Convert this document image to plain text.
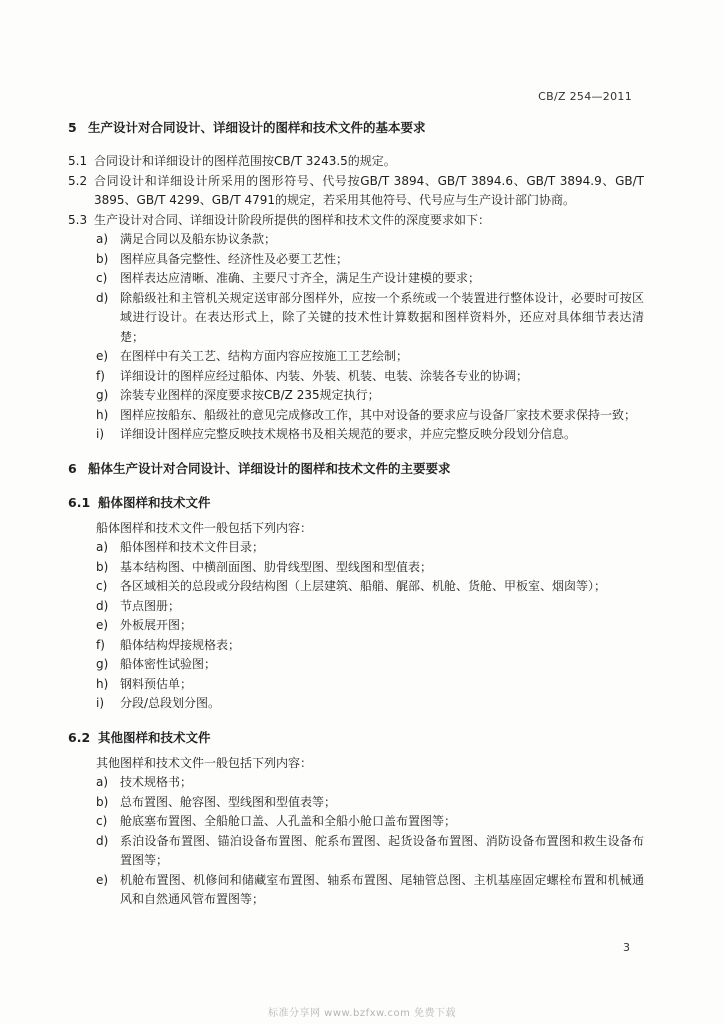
CB/Z 254—2011
5 生产设计对合同设计、详细设计的图样和技术文件的基本要求
5.1 合同设计和详细设计的图样范围按CB/T 3243.5的规定。
5.2 合同设计和详细设计所采用的图形符号、代号按GB/T 3894、GB/T 3894.6、GB/T 3894.9、GB/T 3895、GB/T 4299、GB/T 4791的规定，若采用其他符号、代号应与生产设计部门协商。
5.3 生产设计对合同、详细设计阶段所提供的图样和技术文件的深度要求如下：
a) 满足合同以及船东协议条款；
b) 图样应具备完整性、经济性及必要工艺性；
c) 图样表达应清晰、准确、主要尺寸齐全，满足生产设计建模的要求；
d) 除船级社和主管机关规定送审部分图样外，应按一个系统或一个装置进行整体设计，必要时可按区域进行设计。在表达形式上，除了关键的技术性计算数据和图样资料外，还应对具体细节表达清楚；
e) 在图样中有关工艺、结构方面内容应按施工工艺绘制；
f) 详细设计的图样应经过船体、内装、外装、机装、电装、涂装各专业的协调；
g) 涂装专业图样的深度要求按CB/Z 235规定执行；
h) 图样应按船东、船级社的意见完成修改工作，其中对设备的要求应与设备厂家技术要求保持一致；
i) 详细设计图样应完整反映技术规格书及相关规范的要求，并应完整反映分段划分信息。
6 船体生产设计对合同设计、详细设计的图样和技术文件的主要要求
6.1 船体图样和技术文件
船体图样和技术文件一般包括下列内容：
a) 船体图样和技术文件目录；
b) 基本结构图、中横剖面图、肋骨线型图、型线图和型值表；
c) 各区域相关的总段或分段结构图（上层建筑、船艏、艉部、机舱、货舱、甲板室、烟囱等）；
d) 节点图册；
e) 外板展开图；
f) 船体结构焊接规格表；
g) 船体密性试验图；
h) 钢料预估单；
i) 分段/总段划分图。
6.2 其他图样和技术文件
其他图样和技术文件一般包括下列内容：
a) 技术规格书；
b) 总布置图、舱容图、型线图和型值表等；
c) 舱底塞布置图、全船舱口盖、人孔盖和全船小舱口盖布置图等；
d) 系泊设备布置图、锚泊设备布置图、舵系布置图、起货设备布置图、消防设备布置图和救生设备布置图等；
e) 机舱布置图、机修间和储藏室布置图、轴系布置图、尾轴管总图、主机基座固定螺栓布置和机械通风和自然通风管布置图等；
3
标准分享网 www.bzfxw.com 免费下载
